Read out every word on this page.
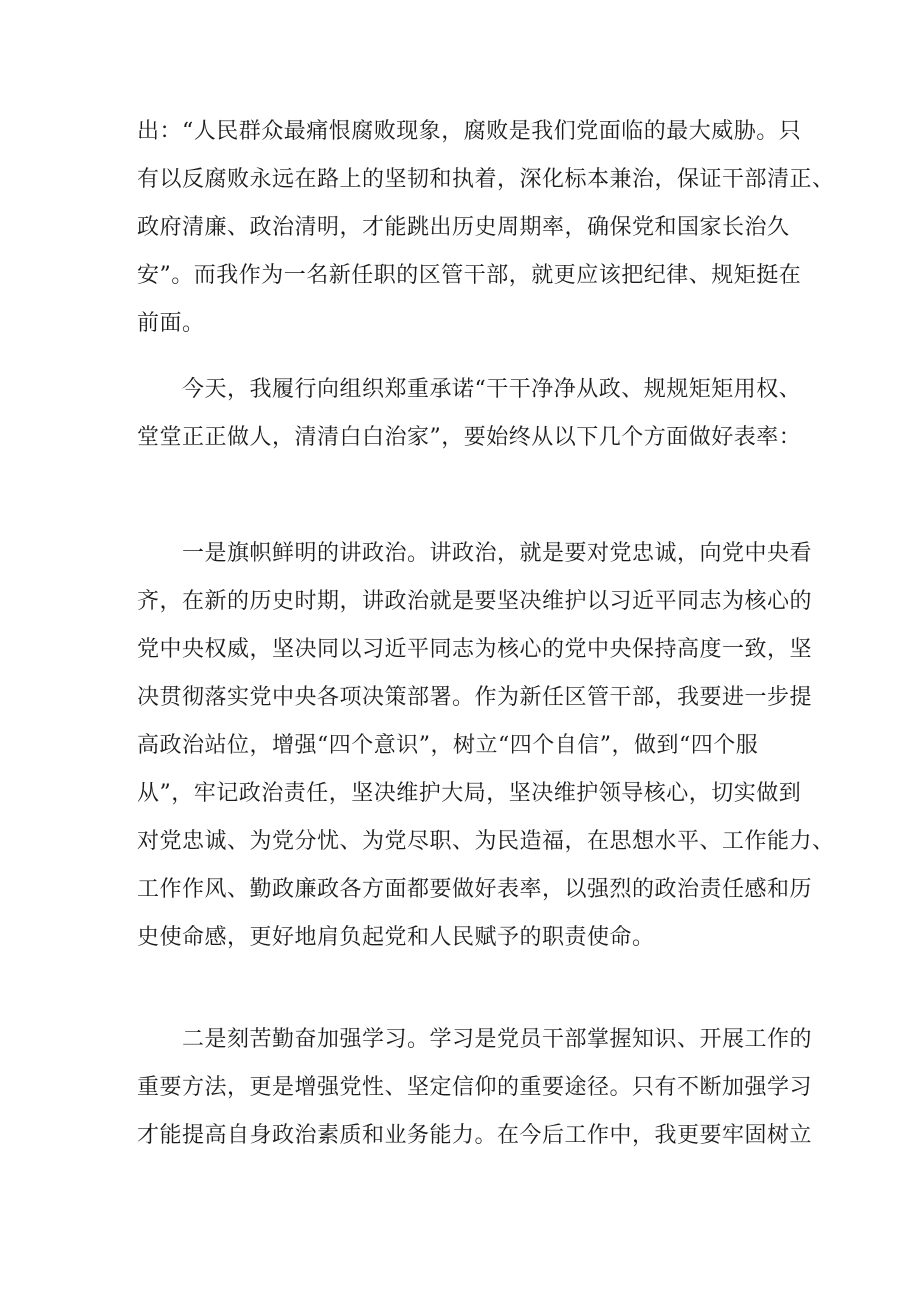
出：“人民群众最痛恨腐败现象，腐败是我们党面临的最大威胁。只
有以反腐败永远在路上的坚韧和执着，深化标本兼治，保证干部清正、
政府清廉、政治清明，才能跳出历史周期率，确保党和国家长治久
安”。而我作为一名新任职的区管干部，就更应该把纪律、规矩挺在
前面。
　　今天，我履行向组织郑重承诺“干干净净从政、规规矩矩用权、
堂堂正正做人，清清白白治家”，要始终从以下几个方面做好表率：
　　一是旗帜鲜明的讲政治。讲政治，就是要对党忠诚，向党中央看
齐，在新的历史时期，讲政治就是要坚决维护以习近平同志为核心的
党中央权威，坚决同以习近平同志为核心的党中央保持高度一致，坚
决贯彻落实党中央各项决策部署。作为新任区管干部，我要进一步提
高政治站位，增强“四个意识”，树立“四个自信”，做到“四个服
从”，牢记政治责任，坚决维护大局，坚决维护领导核心，切实做到
对党忠诚、为党分忧、为党尽职、为民造福，在思想水平、工作能力、
工作作风、勤政廉政各方面都要做好表率，以强烈的政治责任感和历
史使命感，更好地肩负起党和人民赋予的职责使命。
　　二是刻苦勤奋加强学习。学习是党员干部掌握知识、开展工作的
重要方法，更是增强党性、坚定信仰的重要途径。只有不断加强学习
才能提高自身政治素质和业务能力。在今后工作中，我更要牢固树立
